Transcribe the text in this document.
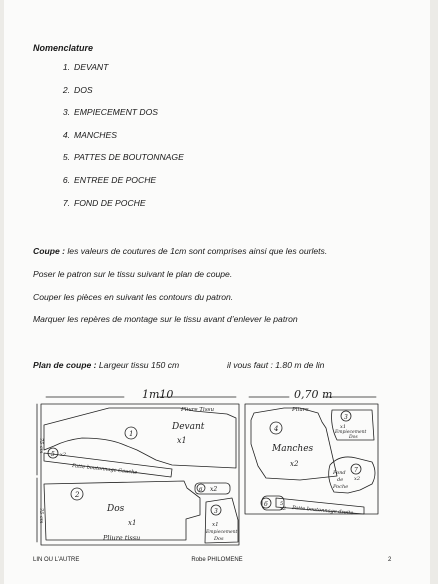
Nomenclature
1. DEVANT
2. DOS
3. EMPIECEMENT DOS
4. MANCHES
5. PATTES DE BOUTONNAGE
6. ENTREE DE POCHE
7. FOND DE POCHE
Coupe : les valeurs de coutures de 1cm sont comprises ainsi que les ourlets.
Poser le patron sur le tissu suivant le plan de coupe.
Couper les pièces en suivant les contours du patron.
Marquer les repères de montage sur le tissu avant d’enlever le patron
Plan de coupe : Largeur tissu 150 cm	il vous faut : 1.80 m de lin
1m10	0,70 m
75 cm
75 cm
1
Pliure Tissu
Devant
x1
5 x2
Patte boutonnage Gauche
2
Dos
x1
Pliure tissu
6 x2
3
x1
Empiecement
Dos
Pliure
4
Manches
x2
3
x1
Empiecement
Dos
7
x2
Fond
de
Poche
6 5
x2 Patte boutonnage droite
LIN OU L’AUTRE	Robe PHILOMENE	2
